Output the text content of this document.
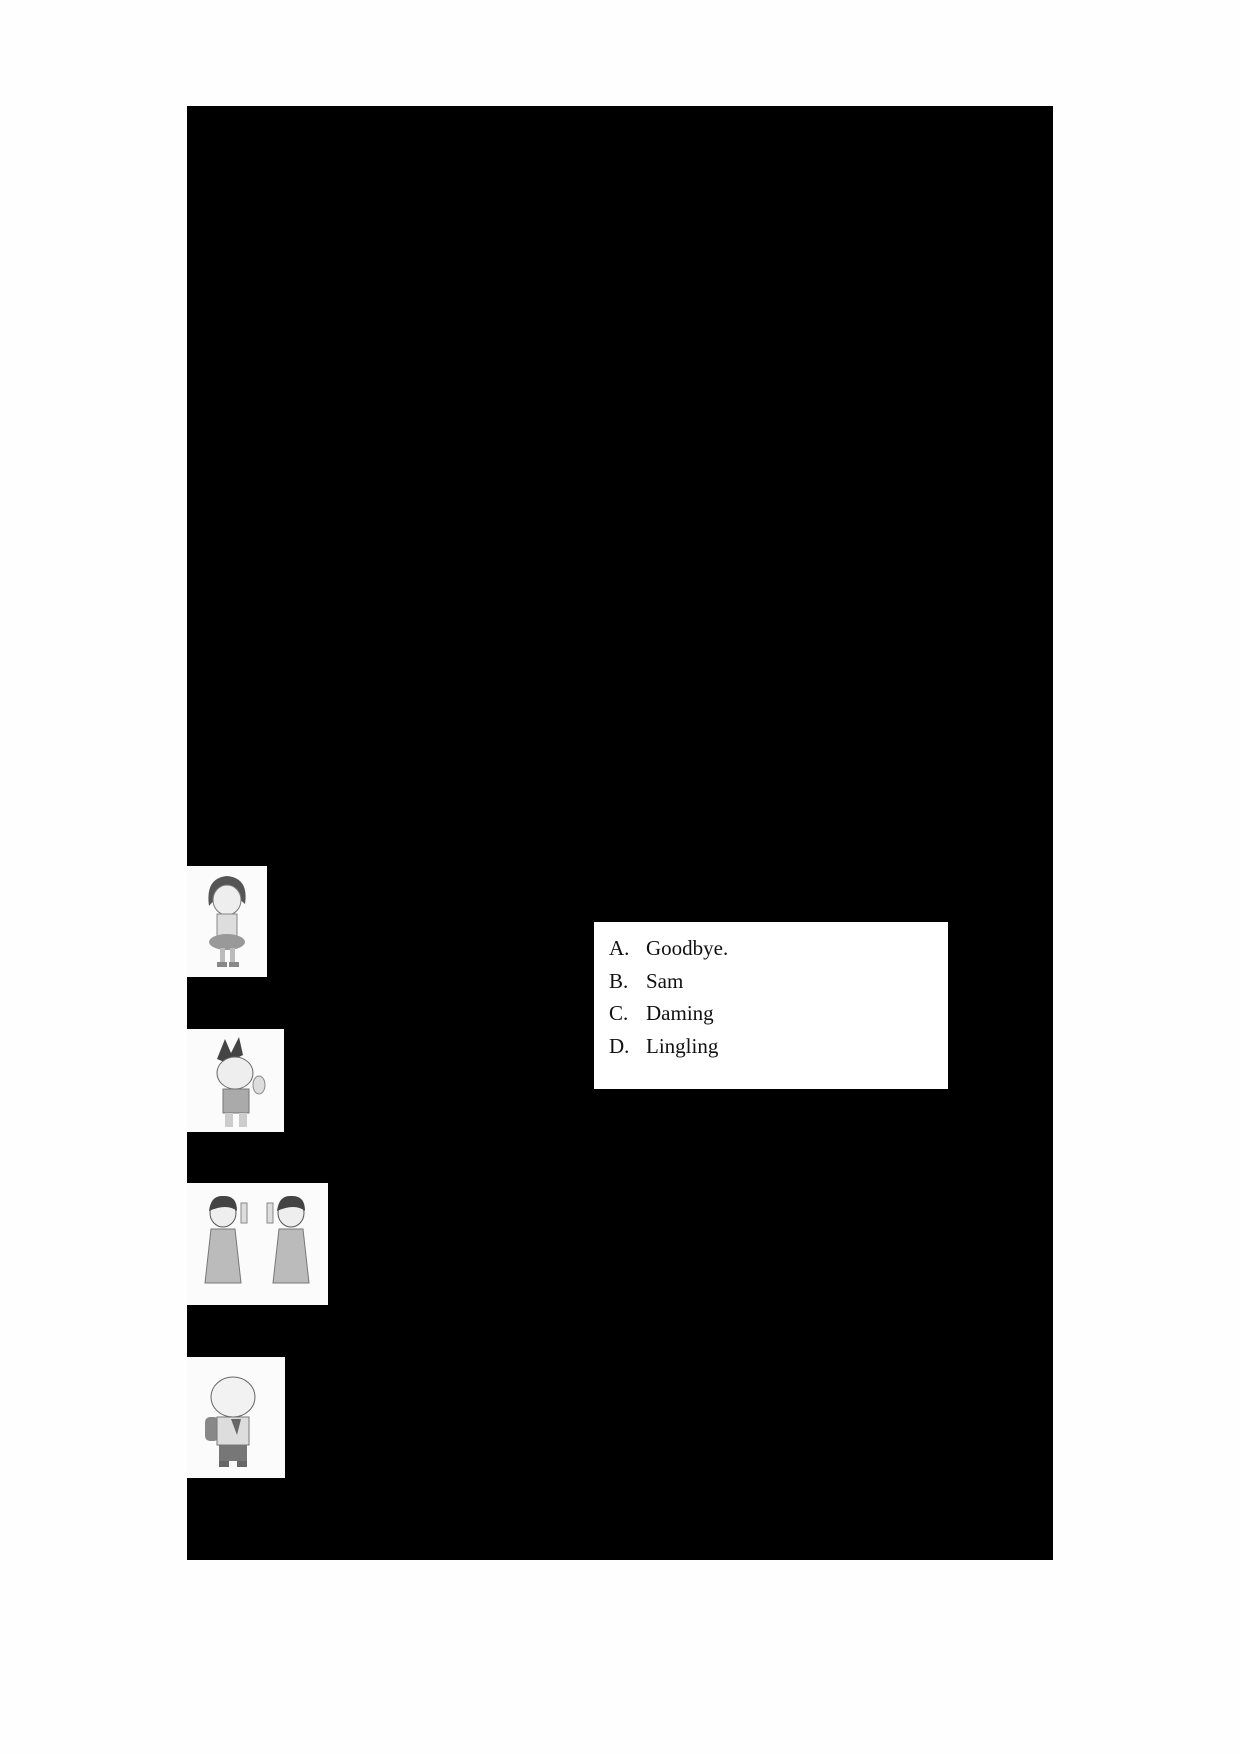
A. Goodbye.
B. Sam
C. Daming
D. Lingling
